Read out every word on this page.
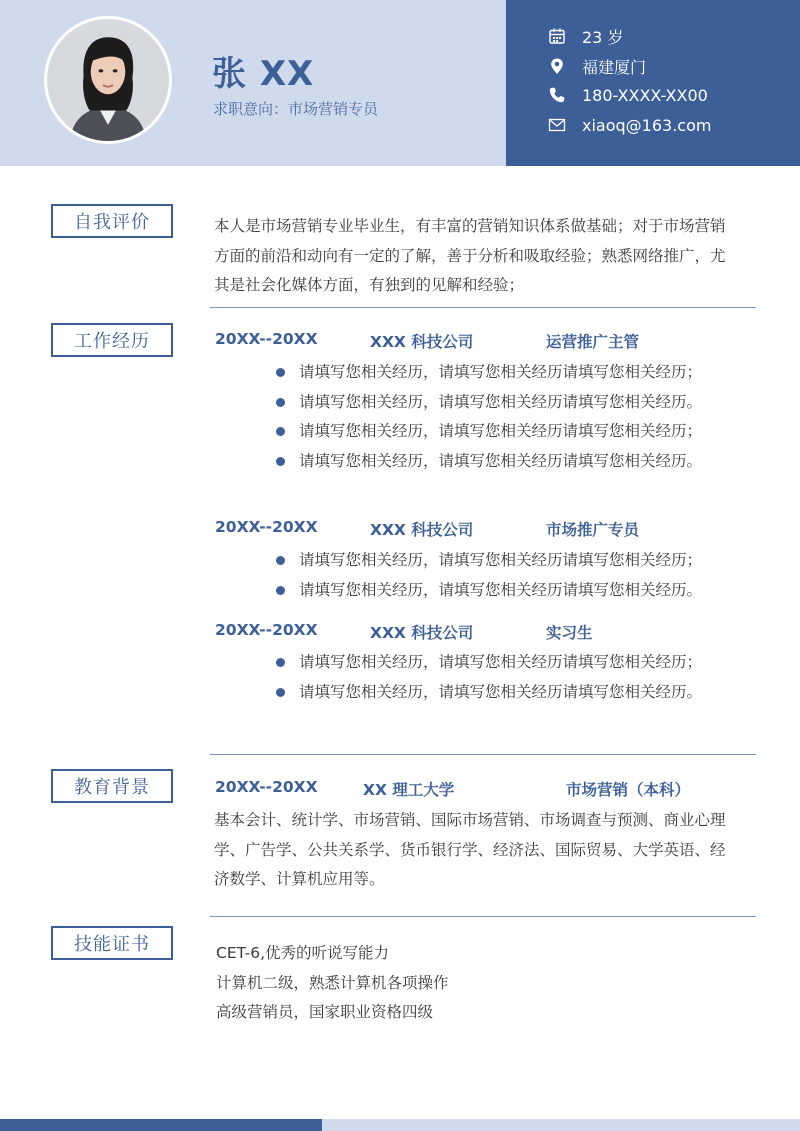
张 XX
求职意向：市场营销专员
23 岁
福建厦门
180-XXXX-XX00
xiaoq@163.com
自我评价	本人是市场营销专业毕业生，有丰富的营销知识体系做基础；对于市场营销
方面的前沿和动向有一定的了解，善于分析和吸取经验；熟悉网络推广，尤
其是社会化媒体方面，有独到的见解和经验；
工作经历	20XX--20XX	XXX 科技公司	运营推广主管
请填写您相关经历，请填写您相关经历请填写您相关经历；
请填写您相关经历，请填写您相关经历请填写您相关经历。
请填写您相关经历，请填写您相关经历请填写您相关经历；
请填写您相关经历，请填写您相关经历请填写您相关经历。
20XX--20XX	XXX 科技公司	市场推广专员
请填写您相关经历，请填写您相关经历请填写您相关经历；
请填写您相关经历，请填写您相关经历请填写您相关经历。
20XX--20XX	XXX 科技公司	实习生
请填写您相关经历，请填写您相关经历请填写您相关经历；
请填写您相关经历，请填写您相关经历请填写您相关经历。
教育背景	20XX--20XX	XX 理工大学	市场营销（本科）
基本会计、统计学、市场营销、国际市场营销、市场调查与预测、商业心理
学、广告学、公共关系学、货币银行学、经济法、国际贸易、大学英语、经
济数学、计算机应用等。
技能证书	CET-6,优秀的听说写能力
计算机二级，熟悉计算机各项操作
高级营销员，国家职业资格四级
